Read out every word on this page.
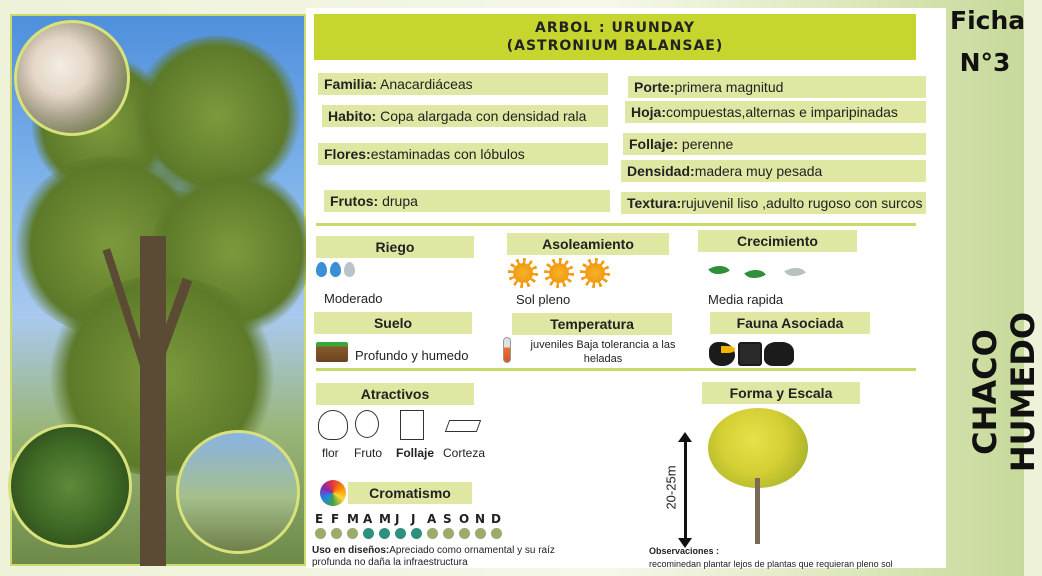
ARBOL : URUNDAY
(ASTRONIUM BALANSAE)
Ficha
N°3
CHACO HUMEDO
Familia: Anacardiáceas
Habito: Copa alargada con densidad rala
Flores:estaminadas con lóbulos
Frutos: drupa
Porte:primera magnitud
Hoja:compuestas,alternas e imparipinadas
Follaje: perenne
Densidad:madera muy pesada
Textura:rujuvenil liso ,adulto rugoso con surcos
Riego
Moderado
Asoleamiento
Sol pleno
Crecimiento
Media rapida
Suelo
Profundo y humedo
Temperatura
juveniles Baja tolerancia a las heladas
Fauna Asociada
Atractivos
flor Fruto Follaje Corteza
Cromatismo
E F M A M J J A S O N D
Uso en diseños:Apreciado como ornamental y su raíz profunda no daña la infraestructura
Forma y Escala
20-25m
Observaciones :
recominedan plantar lejos de plantas que requieran pleno sol
